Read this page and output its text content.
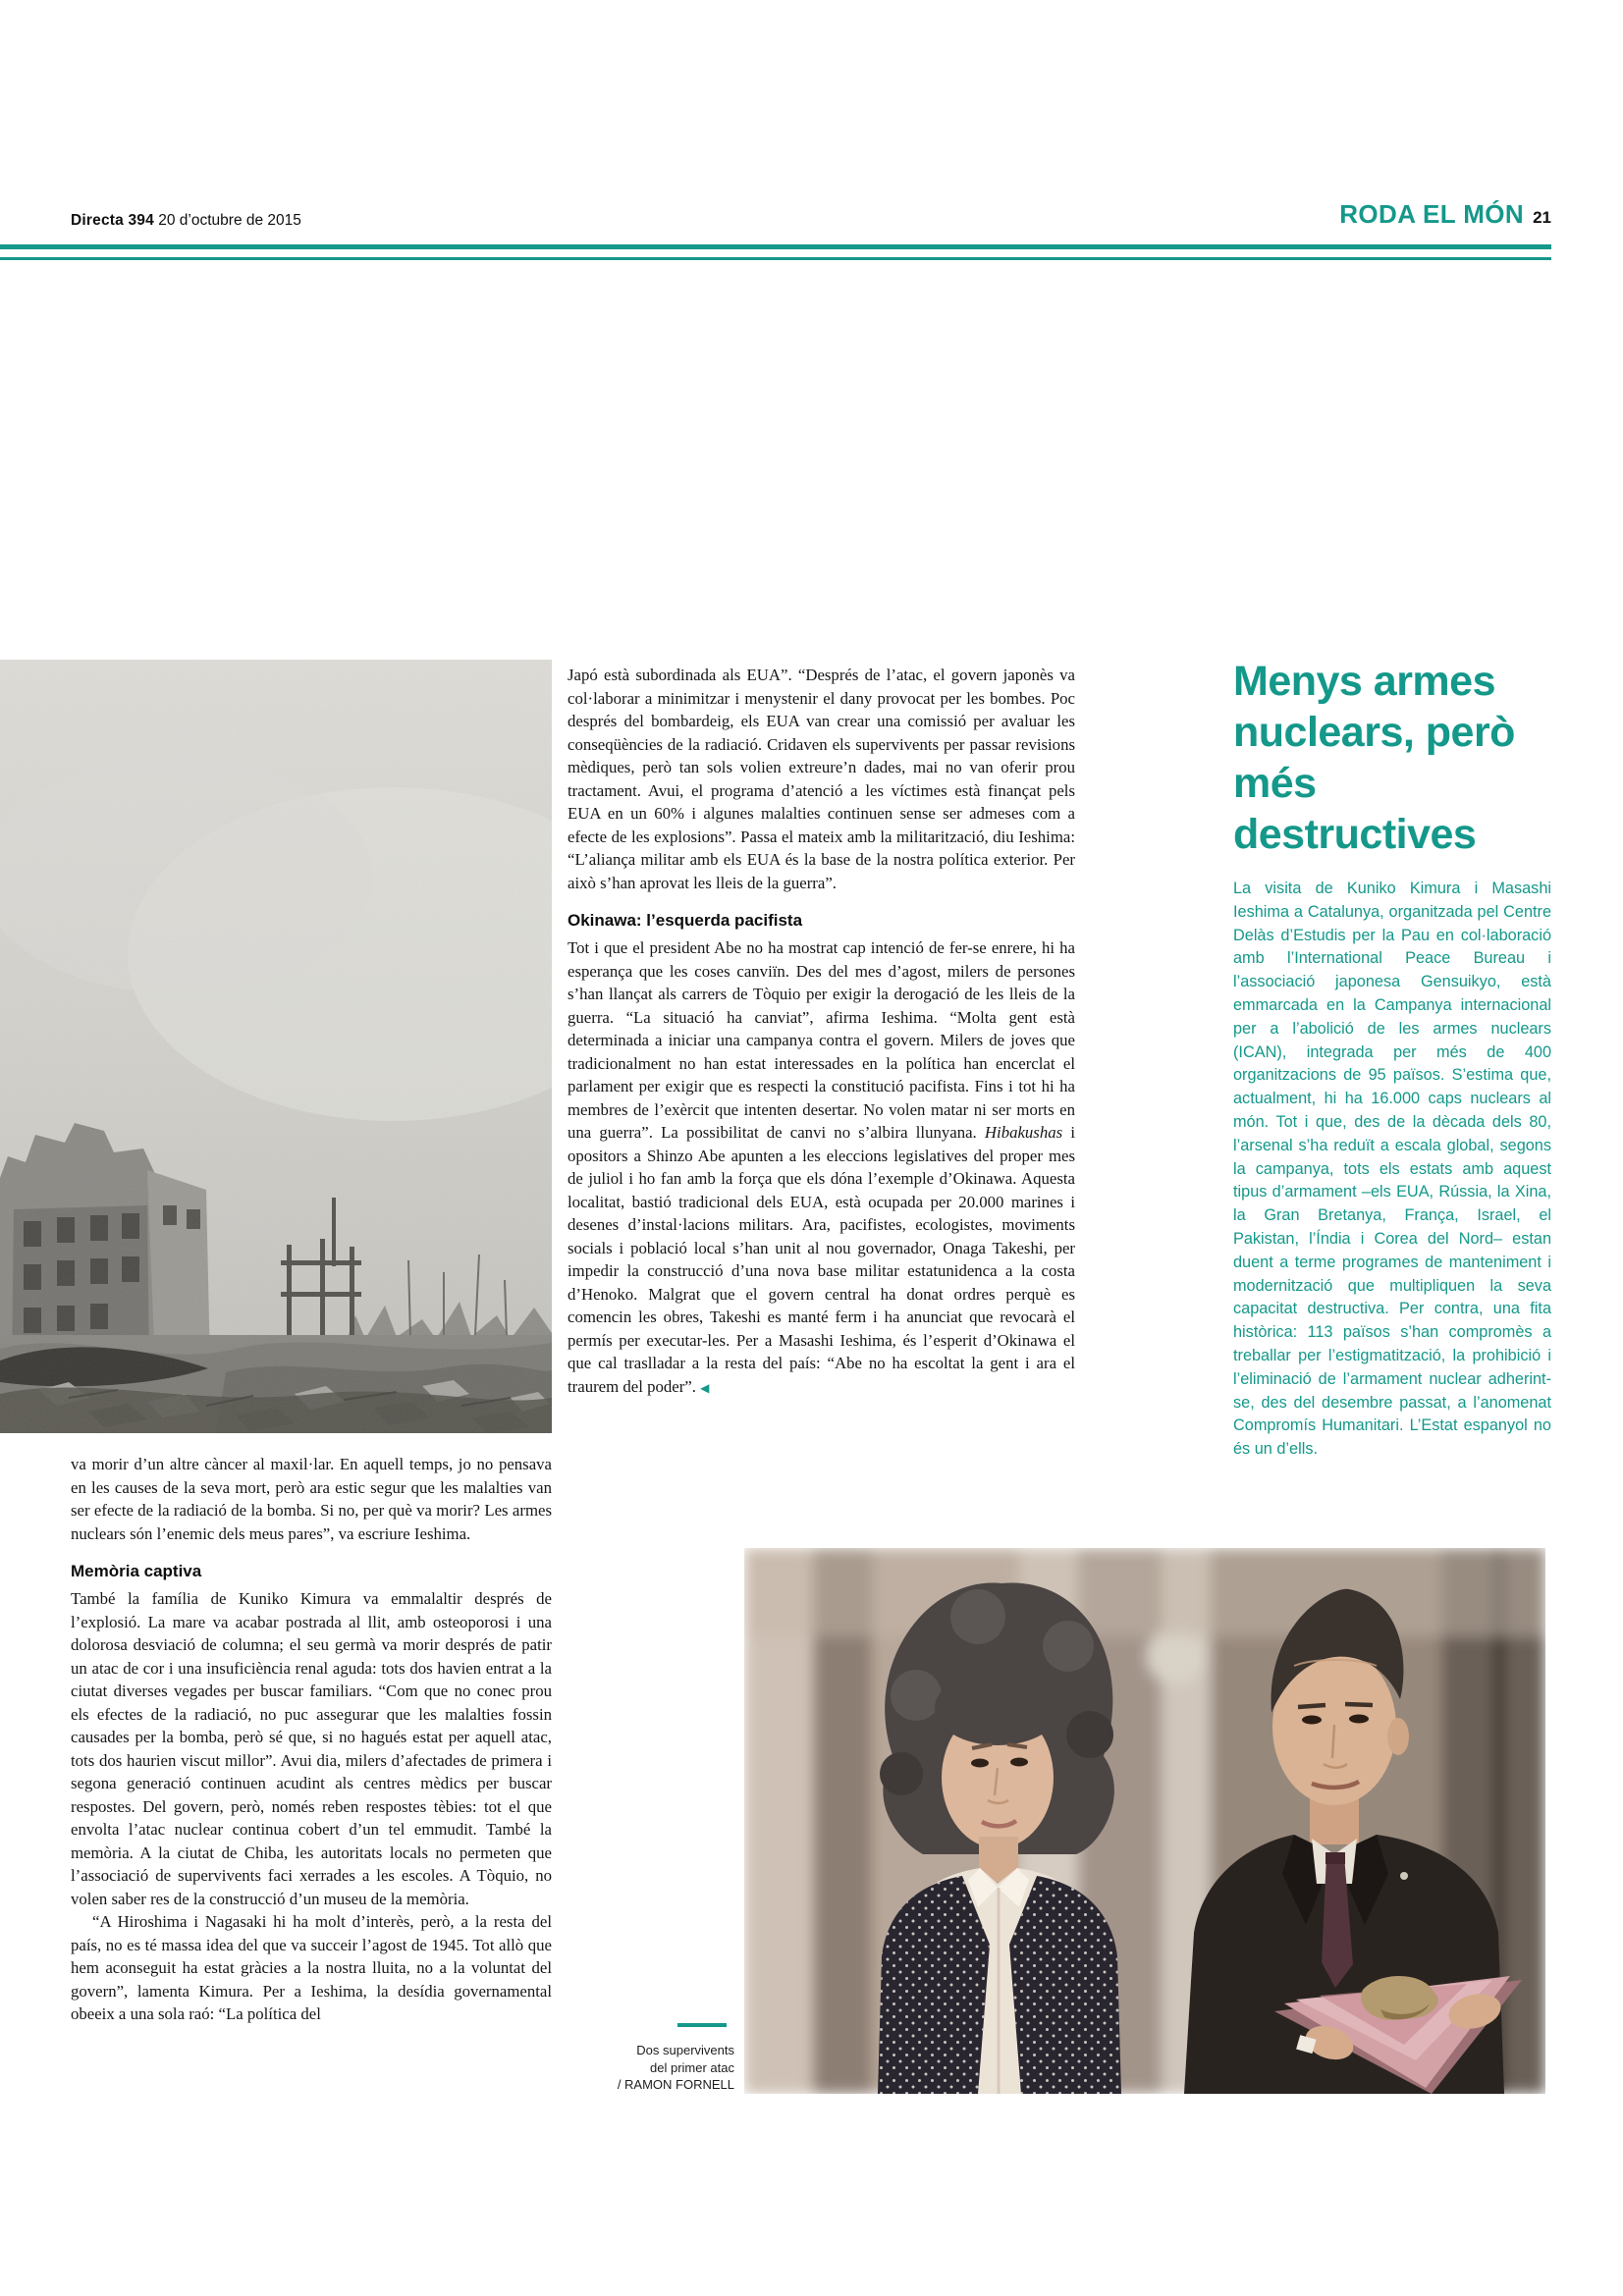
Directa 394 20 d’octubre de 2015	RODA EL MÓN 21

va morir d’un altre càncer al maxil·lar. En aquell temps, jo no pensava en les causes de la seva mort, però ara estic segur que les malalties van ser efecte de la radiació de la bomba. Si no, per què va morir? Les armes nuclears són l’enemic dels meus pares”, va escriure Ieshima.

Memòria captiva

També la família de Kuniko Kimura va emmalaltir després de l’explosió. La mare va acabar postrada al llit, amb osteoporosi i una dolorosa desviació de columna; el seu germà va morir després de patir un atac de cor i una insuficiència renal aguda: tots dos havien entrat a la ciutat diverses vegades per buscar familiars. “Com que no conec prou els efectes de la radiació, no puc assegurar que les malalties fossin causades per la bomba, però sé que, si no hagués estat per aquell atac, tots dos haurien viscut millor”. Avui dia, milers d’afectades de primera i segona generació continuen acudint als centres mèdics per buscar respostes. Del govern, però, només reben respostes tèbies: tot el que envolta l’atac nuclear continua cobert d’un tel emmudit. També la memòria. A la ciutat de Chiba, les autoritats locals no permeten que l’associació de supervivents faci xerrades a les escoles. A Tòquio, no volen saber res de la construcció d’un museu de la memòria.

“A Hiroshima i Nagasaki hi ha molt d’interès, però, a la resta del país, no es té massa idea del que va succeir l’agost de 1945. Tot allò que hem aconseguit ha estat gràcies a la nostra lluita, no a la voluntat del govern”, lamenta Kimura. Per a Ieshima, la desídia governamental obeeix a una sola raó: “La política del

Japó està subordinada als EUA”. “Després de l’atac, el govern japonès va col·laborar a minimitzar i menystenir el dany provocat per les bombes. Poc després del bombardeig, els EUA van crear una comissió per avaluar les conseqüències de la radiació. Cridaven els supervivents per passar revisions mèdiques, però tan sols volien extreure’n dades, mai no van oferir prou tractament. Avui, el programa d’atenció a les víctimes està finançat pels EUA en un 60% i algunes malalties continuen sense ser admeses com a efecte de les explosions”. Passa el mateix amb la militarització, diu Ieshima: “L’aliança militar amb els EUA és la base de la nostra política exterior. Per això s’han aprovat les lleis de la guerra”.

Okinawa: l’esquerda pacifista

Tot i que el president Abe no ha mostrat cap intenció de fer-se enrere, hi ha esperança que les coses canviïn. Des del mes d’agost, milers de persones s’han llançat als carrers de Tòquio per exigir la derogació de les lleis de la guerra. “La situació ha canviat”, afirma Ieshima. “Molta gent està determinada a iniciar una campanya contra el govern. Milers de joves que tradicionalment no han estat interessades en la política han encerclat el parlament per exigir que es respecti la constitució pacifista. Fins i tot hi ha membres de l’exèrcit que intenten desertar. No volen matar ni ser morts en una guerra”. La possibilitat de canvi no s’albira llunyana. Hibakushas i opositors a Shinzo Abe apunten a les eleccions legislatives del proper mes de juliol i ho fan amb la força que els dóna l’exemple d’Okinawa. Aquesta localitat, bastió tradicional dels EUA, està ocupada per 20.000 marines i desenes d’instal·lacions militars. Ara, pacifistes, ecologistes, moviments socials i població local s’han unit al nou governador, Onaga Takeshi, per impedir la construcció d’una nova base militar estatunidenca a la costa d’Henoko. Malgrat que el govern central ha donat ordres perquè es comencin les obres, Takeshi es manté ferm i ha anunciat que revocarà el permís per executar-les. Per a Masashi Ieshima, és l’esperit d’Okinawa el que cal traslladar a la resta del país: “Abe no ha escoltat la gent i ara el traurem del poder”. ◀

Menys armes nuclears, però més destructives

La visita de Kuniko Kimura i Masashi Ieshima a Catalunya, organitzada pel Centre Delàs d’Estudis per la Pau en col·laboració amb l’International Peace Bureau i l’associació japonesa Gensuikyo, està emmarcada en la Campanya internacional per a l’abolició de les armes nuclears (ICAN), integrada per més de 400 organitzacions de 95 països. S’estima que, actualment, hi ha 16.000 caps nuclears al món. Tot i que, des de la dècada dels 80, l’arsenal s’ha reduït a escala global, segons la campanya, tots els estats amb aquest tipus d’armament –els EUA, Rússia, la Xina, la Gran Bretanya, França, Israel, el Pakistan, l’Índia i Corea del Nord– estan duent a terme programes de manteniment i modernització que multipliquen la seva capacitat destructiva. Per contra, una fita històrica: 113 països s’han compromès a treballar per l’estigmatització, la prohibició i l’eliminació de l’armament nuclear adherint-se, des del desembre passat, a l’anomenat Compromís Humanitari. L’Estat espanyol no és un d’ells.

Dos supervivents
del primer atac
/ RAMON FORNELL
